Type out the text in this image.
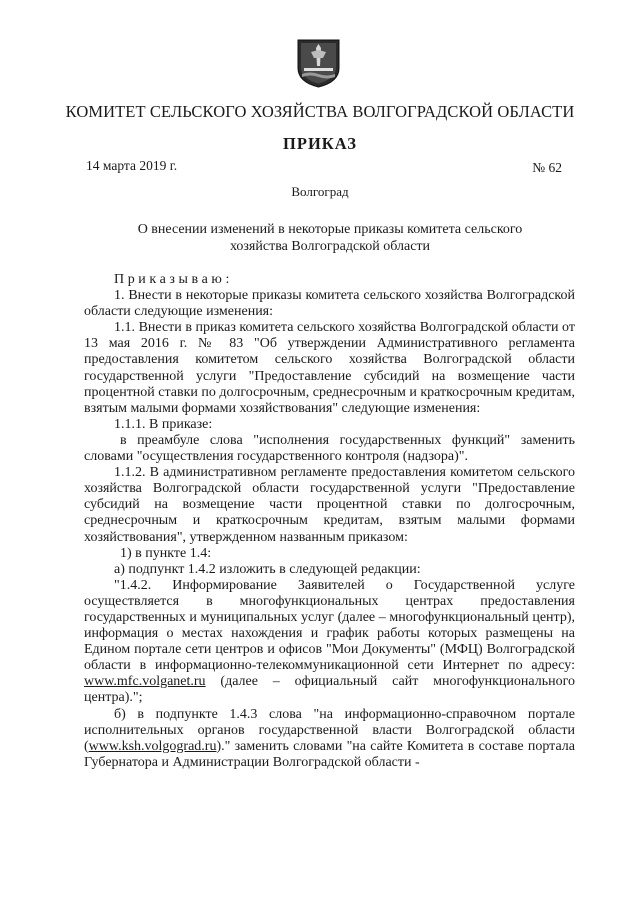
КОМИТЕТ СЕЛЬСКОГО ХОЗЯЙСТВА ВОЛГОГРАДСКОЙ ОБЛАСТИ
ПРИКАЗ
14 марта 2019 г.	№ 62
Волгоград
О внесении изменений в некоторые приказы комитета сельского
хозяйства Волгоградской области

Приказываю:

1. Внести в некоторые приказы комитета сельского хозяйства Волгоградской области следующие изменения:

1.1. Внести в приказ комитета сельского хозяйства Волгоградской области от 13 мая 2016 г. № 83 "Об утверждении Административного регламента предоставления комитетом сельского хозяйства Волгоградской области государственной услуги "Предоставление субсидий на возмещение части процентной ставки по долгосрочным, среднесрочным и краткосрочным кредитам, взятым малыми формами хозяйствования" следующие изменения:

1.1.1. В приказе:

в преамбуле слова "исполнения государственных функций" заменить словами "осуществления государственного контроля (надзора)".

1.1.2. В административном регламенте предоставления комитетом сельского хозяйства Волгоградской области государственной услуги "Предоставление субсидий на возмещение части процентной ставки по долгосрочным, среднесрочным и краткосрочным кредитам, взятым малыми формами хозяйствования", утвержденном названным приказом:

1) в пункте 1.4:

а) подпункт 1.4.2 изложить в следующей редакции:

"1.4.2. Информирование Заявителей о Государственной услуге осуществляется в многофункциональных центрах предоставления государственных и муниципальных услуг (далее – многофункциональный центр), информация о местах нахождения и график работы которых размещены на Едином портале сети центров и офисов "Мои Документы" (МФЦ) Волгоградской области в информационно-телекоммуникационной сети Интернет по адресу: www.mfc.volganet.ru (далее – официальный сайт многофункционального центра).";

б) в подпункте 1.4.3 слова "на информационно-справочном портале исполнительных органов государственной власти Волгоградской области (www.ksh.volgograd.ru)." заменить словами "на сайте Комитета в составе портала Губернатора и Администрации Волгоградской области -
